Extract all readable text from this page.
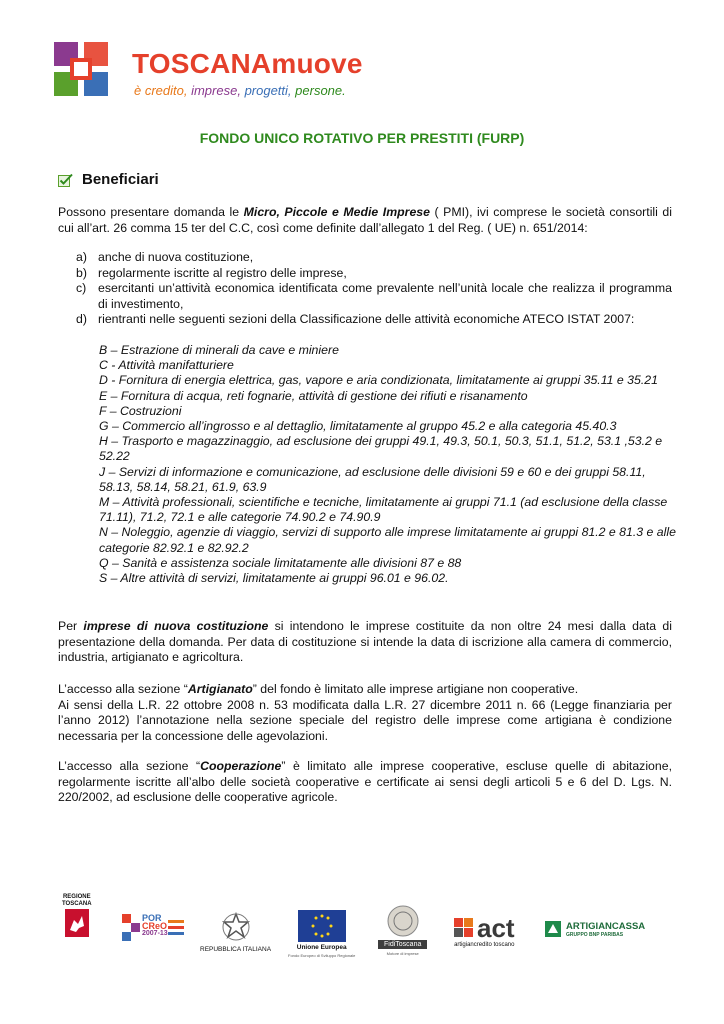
TOSCANAmuove
è credito, imprese, progetti, persone.
FONDO UNICO ROTATIVO PER PRESTITI (FURP)
Beneficiari
Possono presentare domanda le Micro, Piccole e Medie Imprese ( PMI), ivi comprese le società consortili di cui all’art. 26 comma 15 ter del C.C, così come definite dall’allegato 1 del Reg. ( UE) n. 651/2014:
a) anche di nuova costituzione,
b) regolarmente iscritte al registro delle imprese,
c) esercitanti un’attività economica identificata come prevalente nell’unità locale che realizza il programma di investimento,
d) rientranti nelle seguenti sezioni della Classificazione delle attività economiche ATECO ISTAT 2007:
B – Estrazione di minerali da cave e miniere
C - Attività manifatturiere
D - Fornitura di energia elettrica, gas, vapore e aria condizionata, limitatamente ai gruppi 35.11 e 35.21
E – Fornitura di acqua, reti fognarie, attività di gestione dei rifiuti e risanamento
F – Costruzioni
G – Commercio all’ingrosso e al dettaglio, limitatamente al gruppo 45.2 e alla categoria 45.40.3
H – Trasporto e magazzinaggio, ad esclusione dei gruppi 49.1, 49.3, 50.1, 50.3, 51.1, 51.2, 53.1 ,53.2 e 52.22
J – Servizi di informazione e comunicazione, ad esclusione delle divisioni 59 e 60 e dei gruppi 58.11, 58.13, 58.14, 58.21, 61.9, 63.9
M – Attività professionali, scientifiche e tecniche, limitatamente ai gruppi 71.1 (ad esclusione della classe 71.11), 71.2, 72.1 e alle categorie 74.90.2 e 74.90.9
N – Noleggio, agenzie di viaggio, servizi di supporto alle imprese limitatamente ai gruppi 81.2 e 81.3 e alle categorie 82.92.1 e 82.92.2
Q – Sanità e assistenza sociale limitatamente alle divisioni 87 e 88
S – Altre attività di servizi, limitatamente ai gruppi 96.01 e 96.02.
Per imprese di nuova costituzione si intendono le imprese costituite da non oltre 24 mesi dalla data di presentazione della domanda. Per data di costituzione si intende la data di iscrizione alla camera di commercio, industria, artigianato e agricoltura.
L’accesso alla sezione “Artigianato” del fondo è limitato alle imprese artigiane non cooperative.
Ai sensi della L.R. 22 ottobre 2008 n. 53 modificata dalla L.R. 27 dicembre 2011 n. 66 (Legge finanziaria per l’anno 2012) l’annotazione nella sezione speciale del registro delle imprese come artigiana è condizione necessaria per la concessione delle agevolazioni.
L’accesso alla sezione “Cooperazione” è limitato alle imprese cooperative, escluse quelle di abitazione, regolarmente iscritte all’albo delle società cooperative e certificate ai sensi degli articoli 5 e 6 del D. Lgs. N. 220/2002, ad esclusione delle cooperative agricole.
REGIONE
TOSCANA
POR
CReO
2007-13
REPUBBLICA ITALIANA	Unione Europea
Fondo Europeo di Sviluppo Regionale
FidiToscana
Motore di imprese
act
artigiancredito toscano
ARTIGIANCASSA
GRUPPO BNP PARIBAS
